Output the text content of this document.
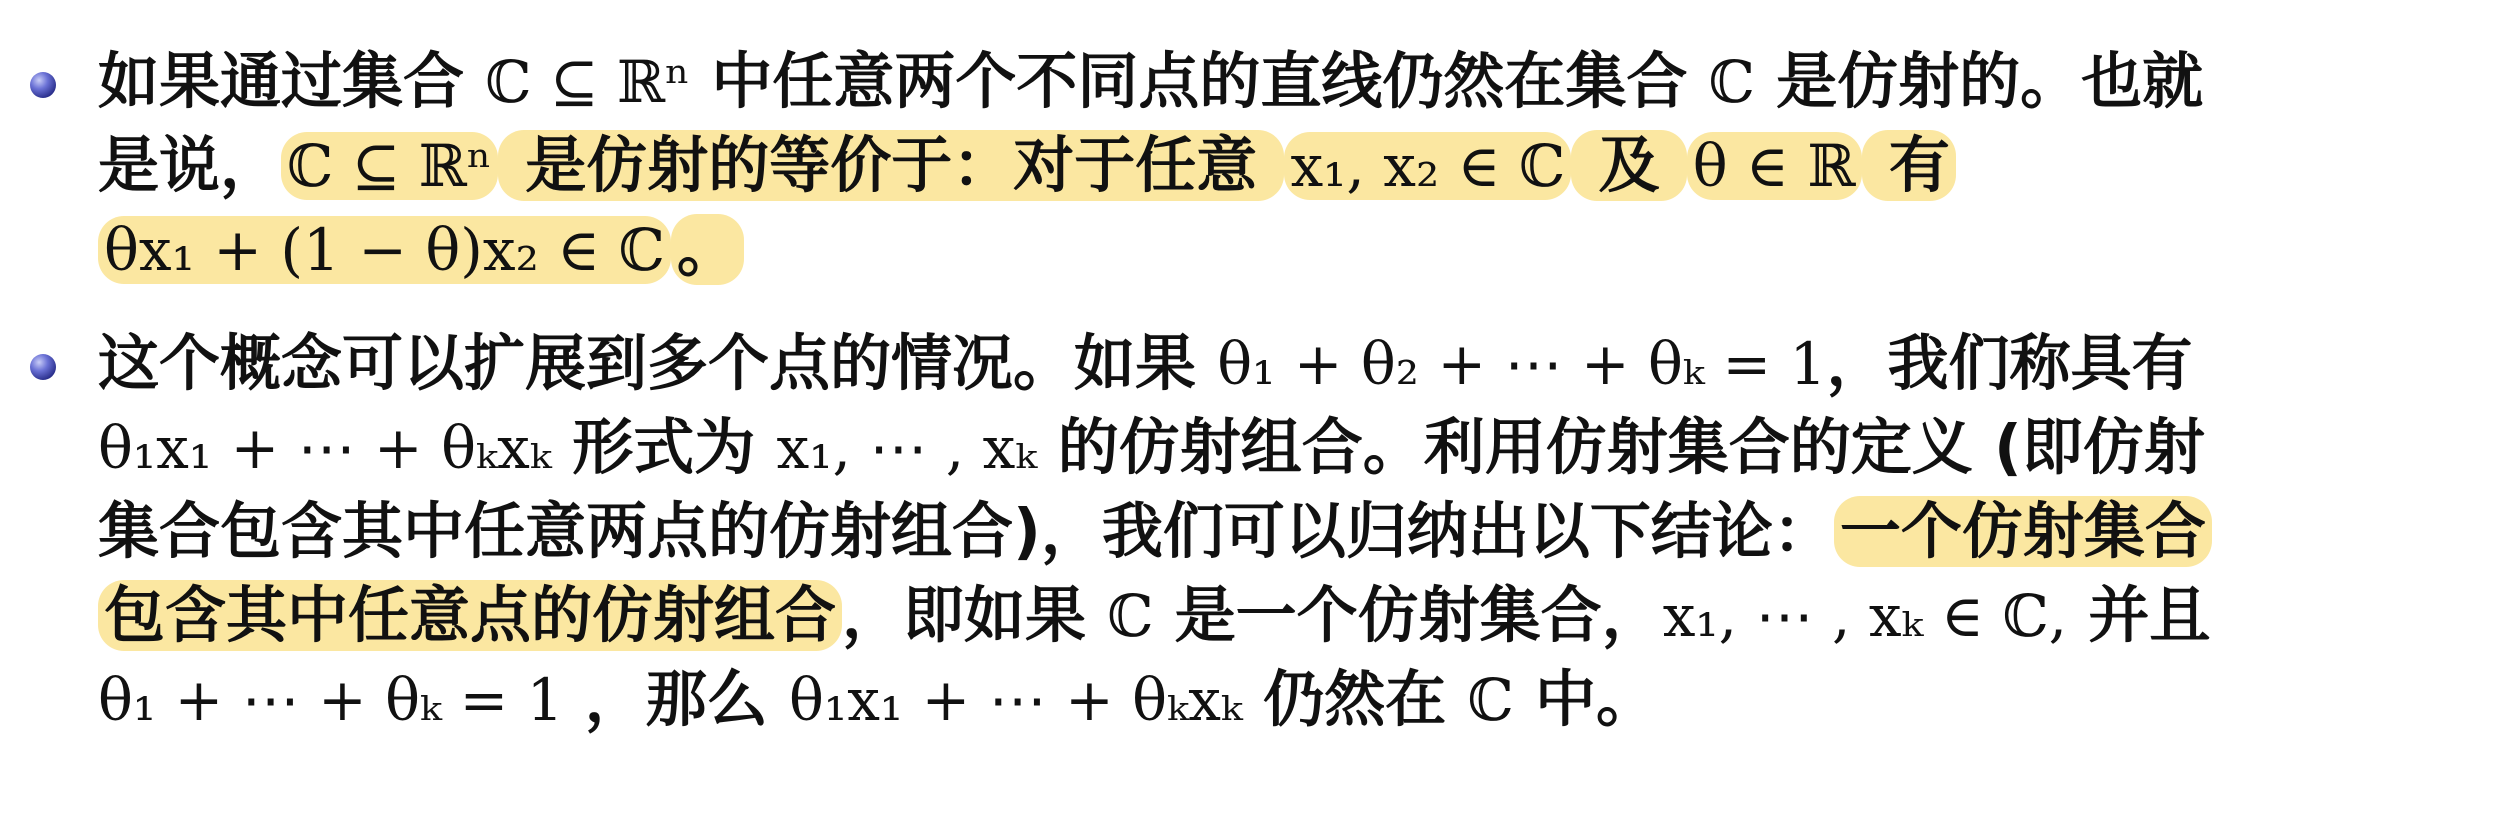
如果通过集合 ℂ ⊆ ℝⁿ 中任意两个不同点的直线仍然在集合 ℂ 是仿射的。也就
是说， ℂ ⊆ ℝⁿ 是仿射的等价于：对于任意 x₁, x₂ ∈ ℂ 及 θ ∈ ℝ 有
θx₁ + (1 − θ)x₂ ∈ ℂ 。
这个概念可以扩展到多个点的情况。如果 θ₁ + θ₂ + ⋯ + θₖ = 1，我们称具有
θ₁x₁ + ⋯ + θₖxₖ 形式为 x₁, ⋯ , xₖ 的仿射组合。利用仿射集合的定义 (即仿射
集合包含其中任意两点的仿射组合)，我们可以归纳出以下结论：一个仿射集合
包含其中任意点的仿射组合，即如果 ℂ 是一个仿射集合，x₁, ⋯ , xₖ ∈ ℂ, 并且
θ₁ + ⋯ + θₖ = 1 ，那么 θ₁x₁ + ⋯ + θₖxₖ 仍然在 ℂ 中。
